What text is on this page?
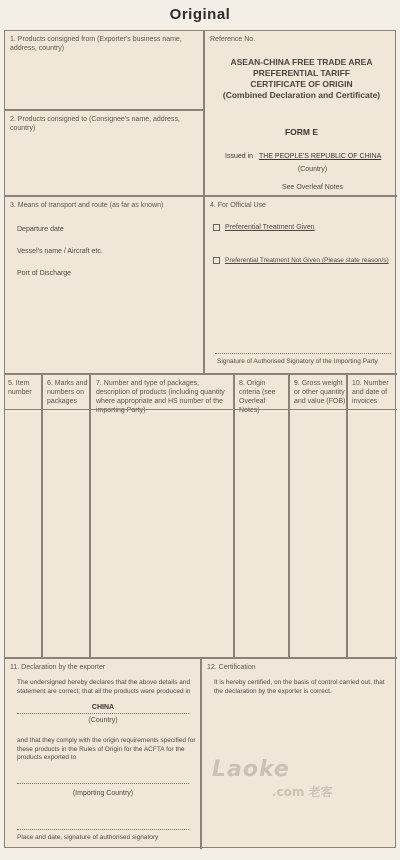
Original
1. Products consigned from (Exporter's business name, address, country)
2. Products consigned to (Consignee's name, address, country)
Reference No.
ASEAN-CHINA FREE TRADE AREA
PREFERENTIAL TARIFF
CERTIFICATE OF ORIGIN
(Combined Declaration and Certificate)
FORM E
Issued in THE PEOPLE'S REPUBLIC OF CHINA
(Country)
See Overleaf Notes
3. Means of transport and route (as far as known)
Departure date
Vessel's name / Aircraft etc.
Port of Discharge
4. For Official Use
Preferential Treatment Given
Preferential Treatment Not Given (Please state reason/s)
Signature of Authorised Signatory of the Importing Party
5. Item number
6. Marks and numbers on packages
7. Number and type of packages, description of products (including quantity where appropriate and HS number of the importing Party)
8. Origin criteria (see Overleaf Notes)
9. Gross weight or other quantity and value (FOB)
10. Number and date of invoices
11. Declaration by the exporter
The undersigned hereby declares that the above details and statement are correct; that all the products were produced in
CHINA
(Country)
and that they comply with the origin requirements specified for these products in the Rules of Origin for the ACFTA for the products exported to
(Importing Country)
Place and date, signature of authorised signatory
12. Certification
It is hereby certified, on the basis of control carried out, that the declaration by the exporter is correct.
Laoke
.com 老客
